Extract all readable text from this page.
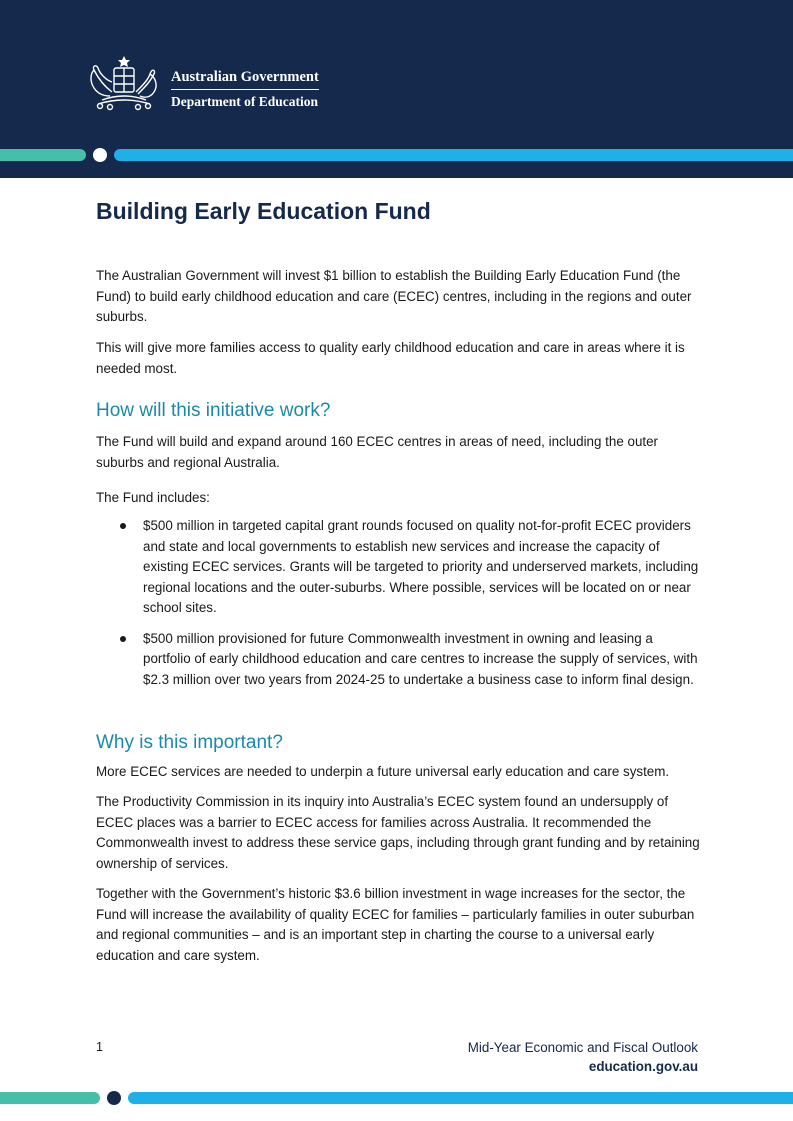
Australian Government
Department of Education
Building Early Education Fund

The Australian Government will invest $1 billion to establish the Building Early Education Fund (the Fund) to build early childhood education and care (ECEC) centres, including in the regions and outer suburbs.

This will give more families access to quality early childhood education and care in areas where it is needed most.

How will this initiative work?

The Fund will build and expand around 160 ECEC centres in areas of need, including the outer suburbs and regional Australia.

The Fund includes:

$500 million in targeted capital grant rounds focused on quality not-for-profit ECEC providers and state and local governments to establish new services and increase the capacity of existing ECEC services. Grants will be targeted to priority and underserved markets, including regional locations and the outer-suburbs. Where possible, services will be located on or near school sites.
$500 million provisioned for future Commonwealth investment in owning and leasing a portfolio of early childhood education and care centres to increase the supply of services, with $2.3 million over two years from 2024-25 to undertake a business case to inform final design.
Why is this important?

More ECEC services are needed to underpin a future universal early education and care system.

The Productivity Commission in its inquiry into Australia’s ECEC system found an undersupply of ECEC places was a barrier to ECEC access for families across Australia. It recommended the Commonwealth invest to address these service gaps, including through grant funding and by retaining ownership of services.

Together with the Government’s historic $3.6 billion investment in wage increases for the sector, the Fund will increase the availability of quality ECEC for families – particularly families in outer suburban and regional communities – and is an important step in charting the course to a universal early education and care system.

1	Mid-Year Economic and Fiscal Outlook
education.gov.au
